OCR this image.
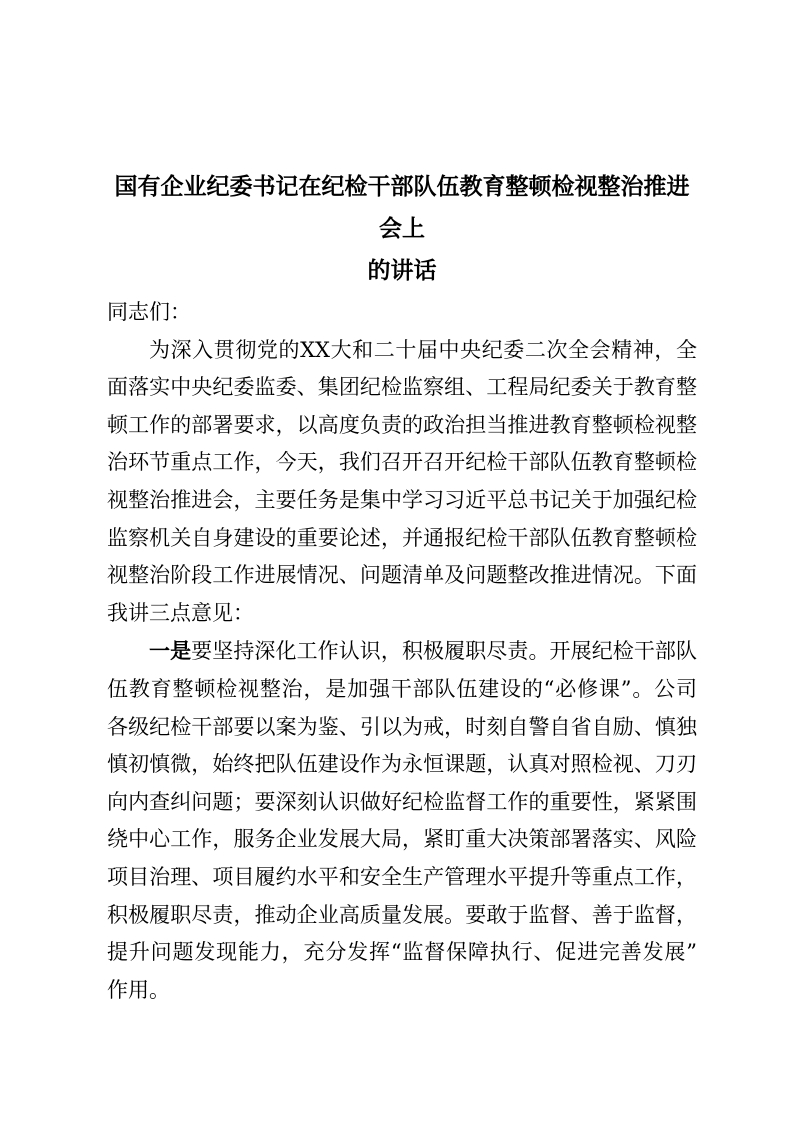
国有企业纪委书记在纪检干部队伍教育整顿检视整治推进会上
的讲话
同志们：
为深入贯彻党的XX大和二十届中央纪委二次全会精神，全
面落实中央纪委监委、集团纪检监察组、工程局纪委关于教育整
顿工作的部署要求，以高度负责的政治担当推进教育整顿检视整
治环节重点工作，今天，我们召开召开纪检干部队伍教育整顿检
视整治推进会，主要任务是集中学习习近平总书记关于加强纪检
监察机关自身建设的重要论述，并通报纪检干部队伍教育整顿检
视整治阶段工作进展情况、问题清单及问题整改推进情况。下面
我讲三点意见：
一是要坚持深化工作认识，积极履职尽责。开展纪检干部队
伍教育整顿检视整治，是加强干部队伍建设的“必修课”。公司
各级纪检干部要以案为鉴、引以为戒，时刻自警自省自励、慎独
慎初慎微，始终把队伍建设作为永恒课题，认真对照检视、刀刃
向内查纠问题；要深刻认识做好纪检监督工作的重要性，紧紧围
绕中心工作，服务企业发展大局，紧盯重大决策部署落实、风险
项目治理、项目履约水平和安全生产管理水平提升等重点工作，
积极履职尽责，推动企业高质量发展。要敢于监督、善于监督，
提升问题发现能力，充分发挥“监督保障执行、促进完善发展”
作用。
